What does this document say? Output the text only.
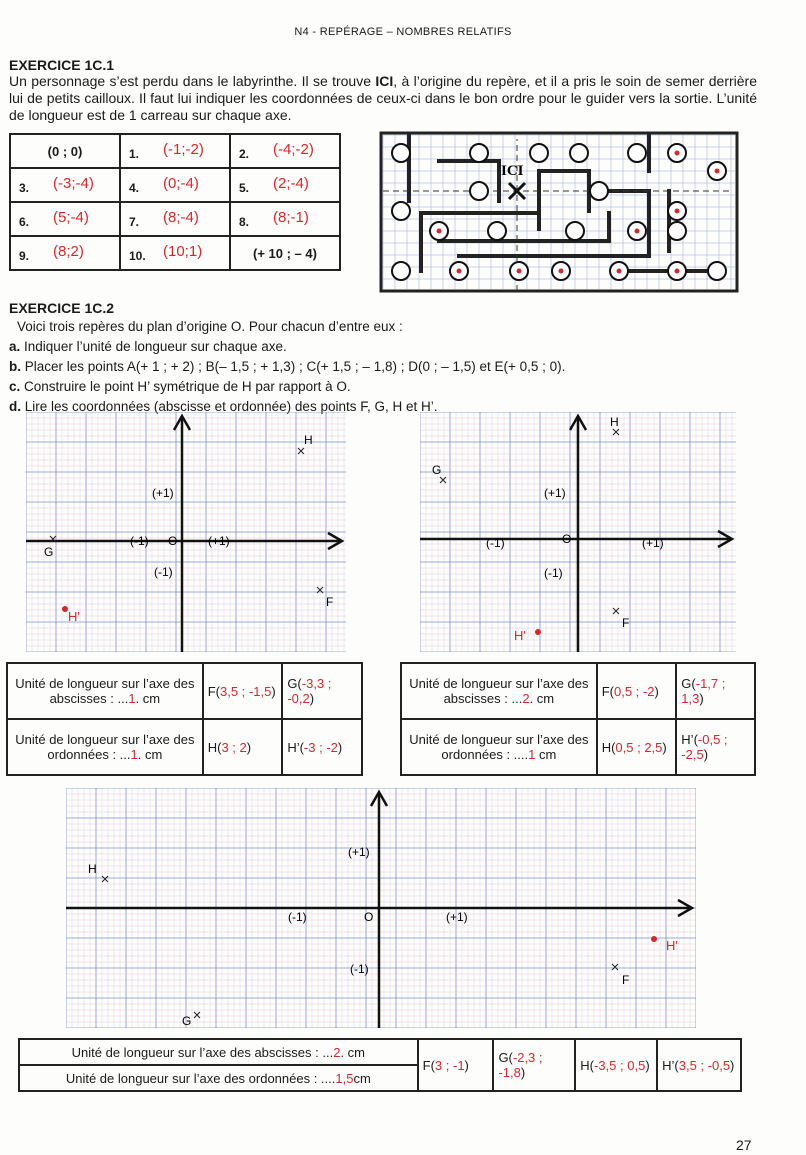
N4 - REPÉRAGE – NOMBRES RELATIFS
EXERCICE 1C.1
Un personnage s’est perdu dans le labyrinthe. Il se trouve ICI, à l’origine du repère, et il a pris le soin de semer derrière lui de petits cailloux. Il faut lui indiquer les coordonnées de ceux-ci dans le bon ordre pour le guider vers la sortie. L’unité de longueur est de 1 carreau sur chaque axe.
(0 ; 0)	1. (-1;-2)	2. (-4;-2)

3. (-3;-4)	4. (0;-4)	5. (2;-4)

6. (5;-4)	7. (8;-4)	8. (8;-1)

9. (8;2)	10. (10;1)	(+ 10 ; – 4)
ICI
EXERCICE 1C.2
Voici trois repères du plan d’origine O. Pour chacun d’entre eux :
a. Indiquer l’unité de longueur sur chaque axe.
b. Placer les points A(+ 1 ; + 2) ; B(– 1,5 ; + 1,3) ; C(+ 1,5 ; – 1,8) ; D(0 ; – 1,5) et E(+ 0,5 ; 0).
c. Construire le point H’ symétrique de H par rapport à O.
d. Lire les coordonnées (abscisse et ordonnée) des points F, G, H et H’.
(+1)
(-1)
(+1)
(-1)
O
H
G
F
H'
(+1)
(-1)
(+1)
(-1)
O
H
G
F
H'
Unité de longueur sur l’axe des abscisses : ...1. cm	F(3,5 ; -1,5)	G(-3,3 ; -0,2)
Unité de longueur sur l’axe des ordonnées : ...1. cm	H(3 ; 2)	H’(-3 ; -2)
Unité de longueur sur l’axe des abscisses : ...2. cm	F(0,5 ; -2)	G(-1,7 ; 1,3)
Unité de longueur sur l’axe des ordonnées : ....1 cm	H(0,5 ; 2,5)	H’(-0,5 ; -2,5)
(+1)
(-1)
(+1)
(-1)
O
H
G
F
H'
Unité de longueur sur l’axe des abscisses : ...2. cm	F(3 ; -1)	G(-2,3 ; -1,8)	H(-3,5 ; 0,5)	H’(3,5 ; -0,5)
Unité de longueur sur l’axe des ordonnées : ....1,5cm
27
